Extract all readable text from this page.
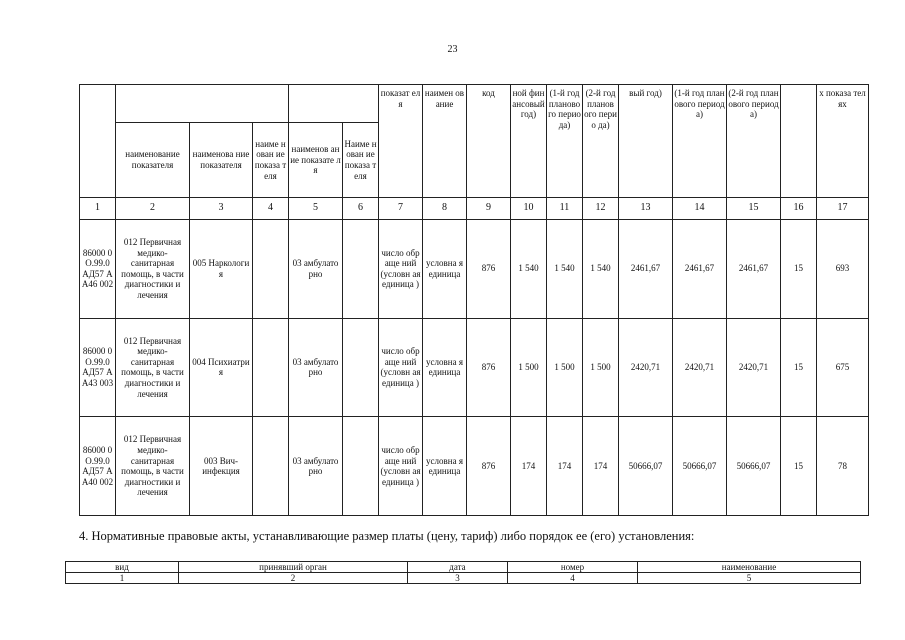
23
						показат еля	наимен ование	код	ной финансовый год)	(1-й год планового перио да)	(2-й год планов ого перио да)	вый год)	(1-й год планового периода)	(2-й год планового периода)		х показа телях
	наименование показателя	наименова ние показателя	наиме нован ие показа теля	наименов ание показате ля	Наиме нован ие показа теля											
1	2	3	4	5	6	7	8	9	10	11	12	13	14	15	16	17
86000 0 О.99.0 АД57 АА46 002	012 Первичная медико-санитарная помощь, в части диагностики и лечения	005 Наркологи я		03 амбулато рно		число обраще ний (условн ая единица )	условна я единица	876	1 540	1 540	1 540	2461,67	2461,67	2461,67	15	693
86000 0 О.99.0 АД57 АА43 003	012 Первичная медико-санитарная помощь, в части диагностики и лечения	004 Психиатри я		03 амбулато рно		число обраще ний (условн ая единица )	условна я единица	876	1 500	1 500	1 500	2420,71	2420,71	2420,71	15	675
86000 0 О.99.0 АД57 АА40 002	012 Первичная медико-санитарная помощь, в части диагностики и лечения	003 Вич-инфекция		03 амбулато рно		число обраще ний (условн ая единица )	условна я единица	876	174	174	174	50666,07	50666,07	50666,07	15	78
4. Нормативные правовые акты, устанавливающие размер платы (цену, тариф) либо порядок ее (его) установления:
вид	принявший орган	дата	номер	наименование
1	2	3	4	5
